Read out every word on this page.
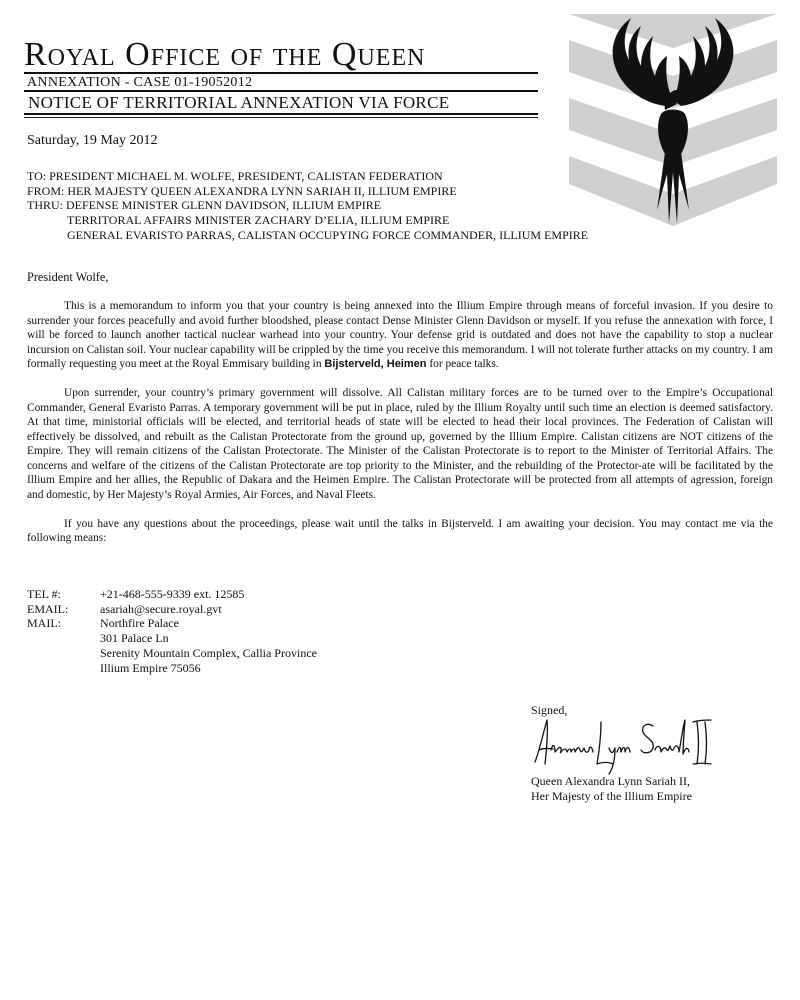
Royal Office of the Queen
ANNEXATION - CASE 01-19052012
NOTICE OF TERRITORIAL ANNEXATION VIA FORCE
Saturday, 19 May 2012
TO: PRESIDENT MICHAEL M. WOLFE, PRESIDENT, CALISTAN FEDERATION
FROM: HER MAJESTY QUEEN ALEXANDRA LYNN SARIAH II, ILLIUM EMPIRE
THRU: DEFENSE MINISTER GLENN DAVIDSON, ILLIUM EMPIRE
TERRITORAL AFFAIRS MINISTER ZACHARY D’ELIA, ILLIUM EMPIRE
GENERAL EVARISTO PARRAS, CALISTAN OCCUPYING FORCE COMMANDER, ILLIUM EMPIRE
President Wolfe,

This is a memorandum to inform you that your country is being annexed into the Illium Empire through means of forceful invasion. If you desire to surrender your forces peacefully and avoid further bloodshed, please contact Dense Minister Glenn Davidson or myself. If you refuse the annexation with force, I will be forced to launch another tactical nuclear warhead into your country. Your defense grid is outdated and does not have the capability to stop a nuclear incursion on Calistan soil. Your nuclear capability will be crippled by the time you receive this memorandum. I will not tolerate further attacks on my country. I am formally requesting you meet at the Royal Emmisary building in Bijsterveld, Heimen for peace talks.

Upon surrender, your country’s primary government will dissolve. All Calistan military forces are to be turned over to the Empire’s Occupational Commander, General Evaristo Parras. A temporary government will be put in place, ruled by the Illium Royalty until such time an election is deemed satisfactory. At that time, ministorial officials will be elected, and territorial heads of state will be elected to head their local provinces. The Federation of Calistan will effectively be dissolved, and rebuilt as the Calistan Protectorate from the ground up, governed by the Illium Empire. Calistan citizens are NOT citizens of the Empire. They will remain citizens of the Calistan Protectorate. The Minister of the Calistan Protectorate is to report to the Minister of Territorial Affairs. The concerns and welfare of the citizens of the Calistan Protectorate are top priority to the Minister, and the rebuilding of the Protector-ate will be facilitated by the Illium Empire and her allies, the Republic of Dakara and the Heimen Empire. The Calistan Protectorate will be protected from all attempts of agression, foreign and domestic, by Her Majesty’s Royal Armies, Air Forces, and Naval Fleets.

If you have any questions about the proceedings, please wait until the talks in Bijsterveld. I am awaiting your decision. You may contact me via the following means:

TEL #:	+21-468-555-9339 ext. 12585
EMAIL:	asariah@secure.royal.gvt
MAIL:	Northfire Palace
301 Palace Ln
Serenity Mountain Complex, Callia Province
Illium Empire 75056
Signed,
Queen Alexandra Lynn Sariah II,
Her Majesty of the Illium Empire
